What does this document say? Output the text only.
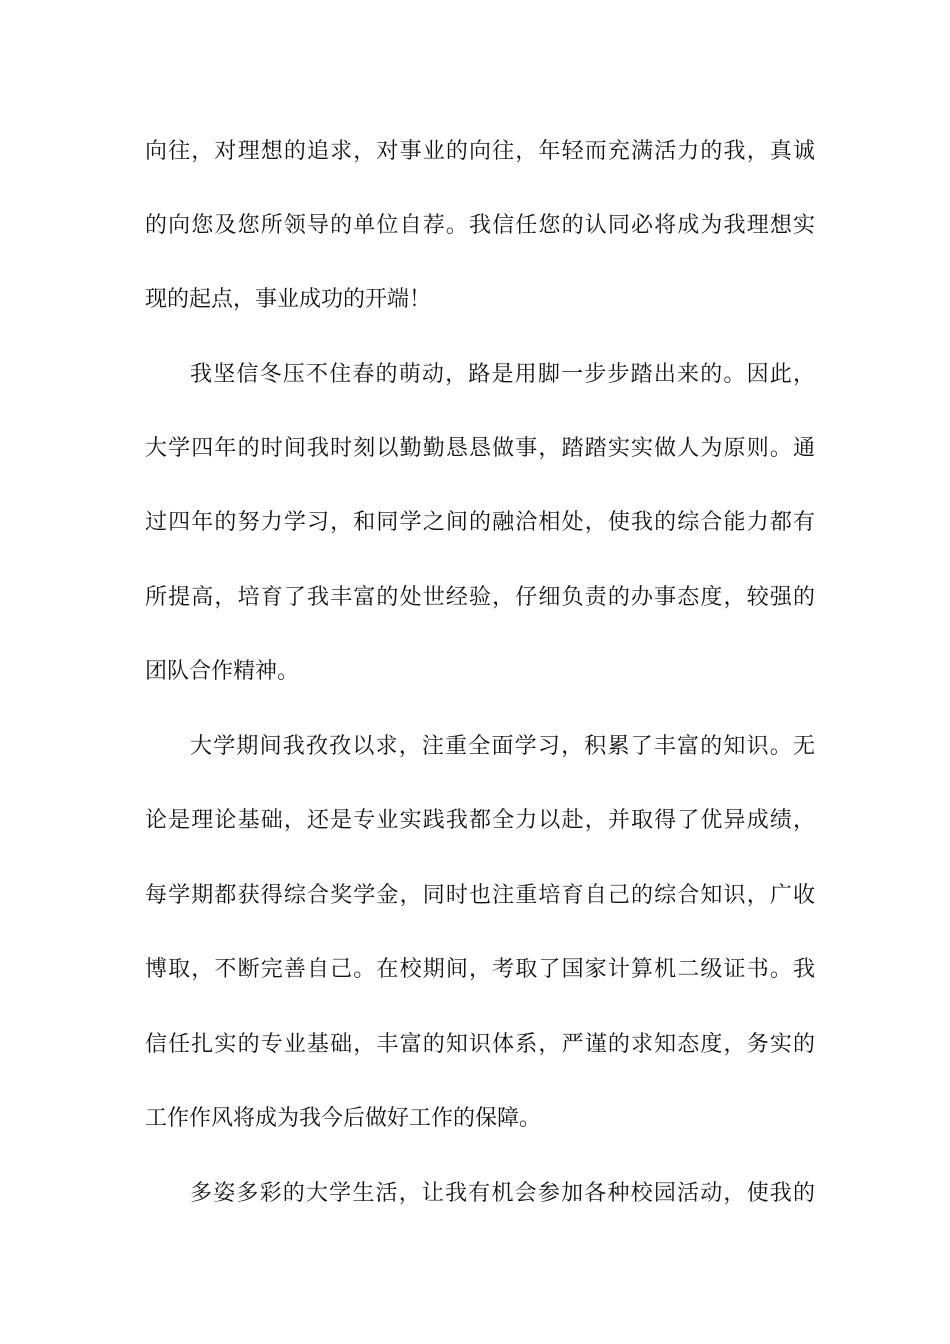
向往，对理想的追求，对事业的向往，年轻而充满活力的我，真诚
的向您及您所领导的单位自荐。我信任您的认同必将成为我理想实
现的起点，事业成功的开端！
我坚信冬压不住春的萌动，路是用脚一步步踏出来的。因此，
大学四年的时间我时刻以勤勤恳恳做事，踏踏实实做人为原则。通
过四年的努力学习，和同学之间的融洽相处，使我的综合能力都有
所提高，培育了我丰富的处世经验，仔细负责的办事态度，较强的
团队合作精神。
大学期间我孜孜以求，注重全面学习，积累了丰富的知识。无
论是理论基础，还是专业实践我都全力以赴，并取得了优异成绩，
每学期都获得综合奖学金，同时也注重培育自己的综合知识，广收
博取，不断完善自己。在校期间，考取了国家计算机二级证书。我
信任扎实的专业基础，丰富的知识体系，严谨的求知态度，务实的
工作作风将成为我今后做好工作的保障。
多姿多彩的大学生活，让我有机会参加各种校园活动，使我的
